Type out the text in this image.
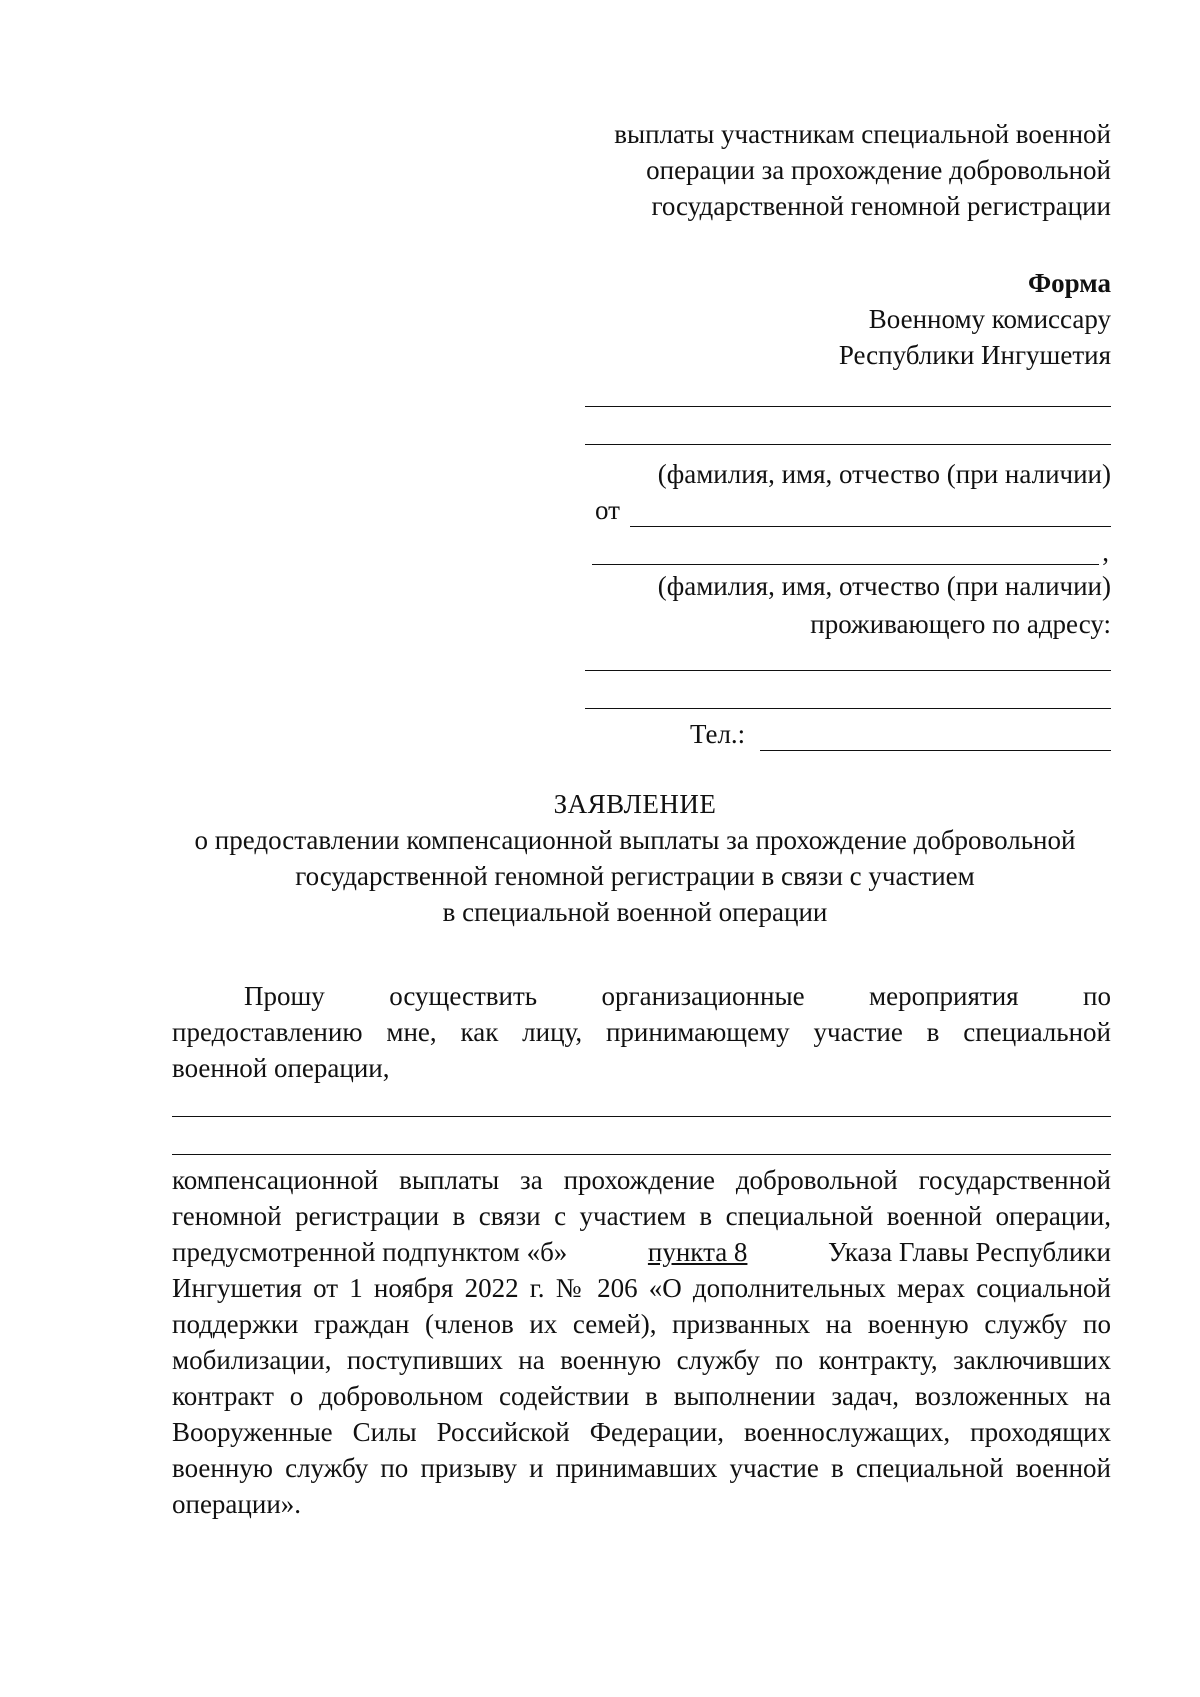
выплаты участникам специальной военной
операции за прохождение добровольной
государственной геномной регистрации
Форма
Военному комиссару
Республики Ингушетия
(фамилия, имя, отчество (при наличии)
от
,
(фамилия, имя, отчество (при наличии)
проживающего по адресу:
Тел.:
ЗАЯВЛЕНИЕ
о предоставлении компенсационной выплаты за прохождение добровольной
государственной геномной регистрации в связи с участием
в специальной военной операции
Прошу осуществить организационные мероприятия по
предоставлению мне, как лицу, принимающему участие в специальной
военной операции,
компенсационной выплаты за прохождение добровольной государственной
геномной регистрации в связи с участием в специальной военной операции,
предусмотренной подпунктом «б»	пункта 8	Указа Главы Республики
Ингушетия от 1 ноября 2022 г. № 206 «О дополнительных мерах социальной
поддержки граждан (членов их семей), призванных на военную службу по
мобилизации, поступивших на военную службу по контракту, заключивших
контракт о добровольном содействии в выполнении задач, возложенных на
Вооруженные Силы Российской Федерации, военнослужащих, проходящих
военную службу по призыву и принимавших участие в специальной военной
операции».
